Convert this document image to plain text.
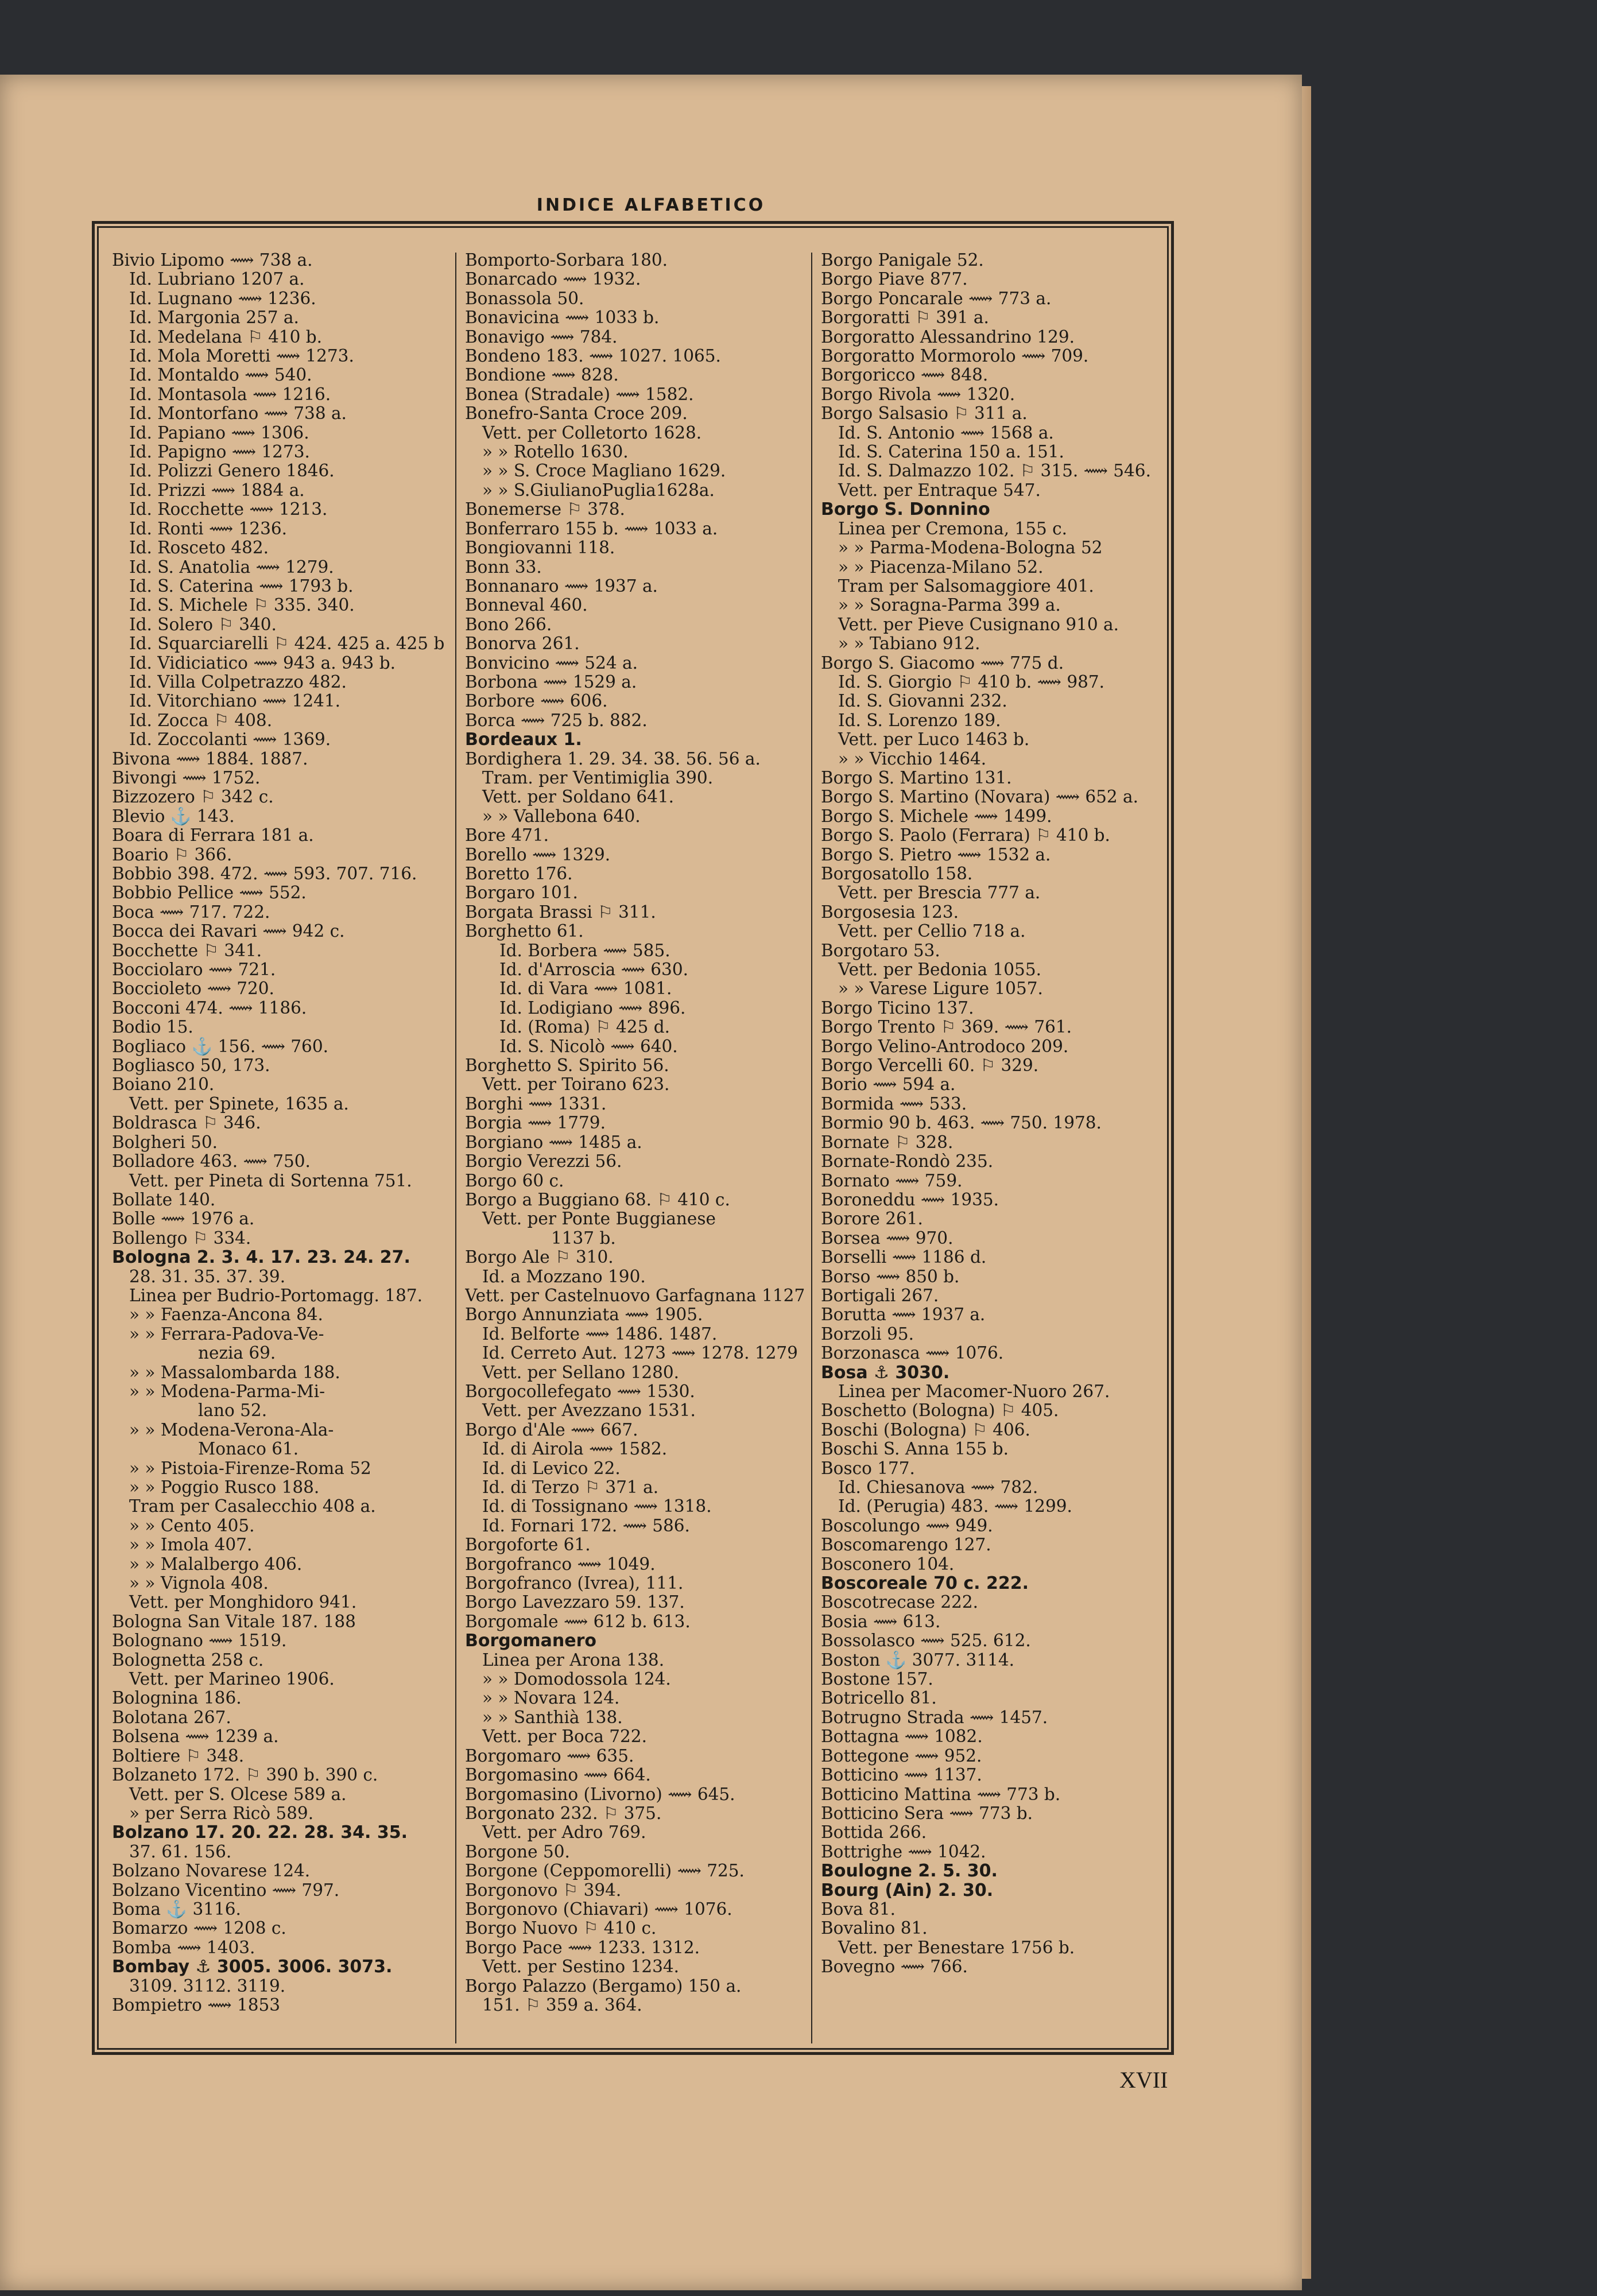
INDICE ALFABETICO
Bivio Lipomo ⟿ 738 a.
Id. Lubriano 1207 a.
Id. Lugnano ⟿ 1236.
Id. Margonia 257 a.
Id. Medelana ⚐ 410 b.
Id. Mola Moretti ⟿ 1273.
Id. Montaldo ⟿ 540.
Id. Montasola ⟿ 1216.
Id. Montorfano ⟿ 738 a.
Id. Papiano ⟿ 1306.
Id. Papigno ⟿ 1273.
Id. Polizzi Genero 1846.
Id. Prizzi ⟿ 1884 a.
Id. Rocchette ⟿ 1213.
Id. Ronti ⟿ 1236.
Id. Rosceto 482.
Id. S. Anatolia ⟿ 1279.
Id. S. Caterina ⟿ 1793 b.
Id. S. Michele ⚐ 335. 340.
Id. Solero ⚐ 340.
Id. Squarciarelli ⚐ 424. 425 a. 425 b
Id. Vidiciatico ⟿ 943 a. 943 b.
Id. Villa Colpetrazzo 482.
Id. Vitorchiano ⟿ 1241.
Id. Zocca ⚐ 408.
Id. Zoccolanti ⟿ 1369.
Bivona ⟿ 1884. 1887.
Bivongi ⟿ 1752.
Bizzozero ⚐ 342 c.
Blevio ⚓ 143.
Boara di Ferrara 181 a.
Boario ⚐ 366.
Bobbio 398. 472. ⟿ 593. 707. 716.
Bobbio Pellice ⟿ 552.
Boca ⟿ 717. 722.
Bocca dei Ravari ⟿ 942 c.
Bocchette ⚐ 341.
Bocciolaro ⟿ 721.
Boccioleto ⟿ 720.
Bocconi 474. ⟿ 1186.
Bodio 15.
Bogliaco ⚓ 156. ⟿ 760.
Bogliasco 50, 173.
Boiano 210.
Vett. per Spinete, 1635 a.
Boldrasca ⚐ 346.
Bolgheri 50.
Bolladore 463. ⟿ 750.
Vett. per Pineta di Sortenna 751.
Bollate 140.
Bolle ⟿ 1976 a.
Bollengo ⚐ 334.
Bologna 2. 3. 4. 17. 23. 24. 27.
28. 31. 35. 37. 39.
Linea per Budrio-Portomagg. 187.
» » Faenza-Ancona 84.
» » Ferrara-Padova-Ve-
nezia 69.
» » Massalombarda 188.
» » Modena-Parma-Mi-
lano 52.
» » Modena-Verona-Ala-
Monaco 61.
» » Pistoia-Firenze-Roma 52
» » Poggio Rusco 188.
Tram per Casalecchio 408 a.
» » Cento 405.
» » Imola 407.
» » Malalbergo 406.
» » Vignola 408.
Vett. per Monghidoro 941.
Bologna San Vitale 187. 188
Bolognano ⟿ 1519.
Bolognetta 258 c.
Vett. per Marineo 1906.
Bolognina 186.
Bolotana 267.
Bolsena ⟿ 1239 a.
Boltiere ⚐ 348.
Bolzaneto 172. ⚐ 390 b. 390 c.
Vett. per S. Olcese 589 a.
» per Serra Ricò 589.
Bolzano 17. 20. 22. 28. 34. 35.
37. 61. 156.
Bolzano Novarese 124.
Bolzano Vicentino ⟿ 797.
Boma ⚓ 3116.
Bomarzo ⟿ 1208 c.
Bomba ⟿ 1403.
Bombay ⚓ 3005. 3006. 3073.
3109. 3112. 3119.
Bompietro ⟿ 1853
Bomporto-Sorbara 180.
Bonarcado ⟿ 1932.
Bonassola 50.
Bonavicina ⟿ 1033 b.
Bonavigo ⟿ 784.
Bondeno 183. ⟿ 1027. 1065.
Bondione ⟿ 828.
Bonea (Stradale) ⟿ 1582.
Bonefro-Santa Croce 209.
Vett. per Colletorto 1628.
» » Rotello 1630.
» » S. Croce Magliano 1629.
» » S.GiulianoPuglia1628a.
Bonemerse ⚐ 378.
Bonferraro 155 b. ⟿ 1033 a.
Bongiovanni 118.
Bonn 33.
Bonnanaro ⟿ 1937 a.
Bonneval 460.
Bono 266.
Bonorva 261.
Bonvicino ⟿ 524 a.
Borbona ⟿ 1529 a.
Borbore ⟿ 606.
Borca ⟿ 725 b. 882.
Bordeaux 1.
Bordighera 1. 29. 34. 38. 56. 56 a.
Tram. per Ventimiglia 390.
Vett. per Soldano 641.
» » Vallebona 640.
Bore 471.
Borello ⟿ 1329.
Boretto 176.
Borgaro 101.
Borgata Brassi ⚐ 311.
Borghetto 61.
Id. Borbera ⟿ 585.
Id. d'Arroscia ⟿ 630.
Id. di Vara ⟿ 1081.
Id. Lodigiano ⟿ 896.
Id. (Roma) ⚐ 425 d.
Id. S. Nicolò ⟿ 640.
Borghetto S. Spirito 56.
Vett. per Toirano 623.
Borghi ⟿ 1331.
Borgia ⟿ 1779.
Borgiano ⟿ 1485 a.
Borgio Verezzi 56.
Borgo 60 c.
Borgo a Buggiano 68. ⚐ 410 c.
Vett. per Ponte Buggianese
1137 b.
Borgo Ale ⚐ 310.
Id. a Mozzano 190.
Vett. per Castelnuovo Garfagnana 1127
Borgo Annunziata ⟿ 1905.
Id. Belforte ⟿ 1486. 1487.
Id. Cerreto Aut. 1273 ⟿ 1278. 1279
Vett. per Sellano 1280.
Borgocollefegato ⟿ 1530.
Vett. per Avezzano 1531.
Borgo d'Ale ⟿ 667.
Id. di Airola ⟿ 1582.
Id. di Levico 22.
Id. di Terzo ⚐ 371 a.
Id. di Tossignano ⟿ 1318.
Id. Fornari 172. ⟿ 586.
Borgoforte 61.
Borgofranco ⟿ 1049.
Borgofranco (Ivrea), 111.
Borgo Lavezzaro 59. 137.
Borgomale ⟿ 612 b. 613.
Borgomanero
Linea per Arona 138.
» » Domodossola 124.
» » Novara 124.
» » Santhià 138.
Vett. per Boca 722.
Borgomaro ⟿ 635.
Borgomasino ⟿ 664.
Borgomasino (Livorno) ⟿ 645.
Borgonato 232. ⚐ 375.
Vett. per Adro 769.
Borgone 50.
Borgone (Ceppomorelli) ⟿ 725.
Borgonovo ⚐ 394.
Borgonovo (Chiavari) ⟿ 1076.
Borgo Nuovo ⚐ 410 c.
Borgo Pace ⟿ 1233. 1312.
Vett. per Sestino 1234.
Borgo Palazzo (Bergamo) 150 a.
151. ⚐ 359 a. 364.
Borgo Panigale 52.
Borgo Piave 877.
Borgo Poncarale ⟿ 773 a.
Borgoratti ⚐ 391 a.
Borgoratto Alessandrino 129.
Borgoratto Mormorolo ⟿ 709.
Borgoricco ⟿ 848.
Borgo Rivola ⟿ 1320.
Borgo Salsasio ⚐ 311 a.
Id. S. Antonio ⟿ 1568 a.
Id. S. Caterina 150 a. 151.
Id. S. Dalmazzo 102. ⚐ 315. ⟿ 546.
Vett. per Entraque 547.
Borgo S. Donnino
Linea per Cremona, 155 c.
» » Parma-Modena-Bologna 52
» » Piacenza-Milano 52.
Tram per Salsomaggiore 401.
» » Soragna-Parma 399 a.
Vett. per Pieve Cusignano 910 a.
» » Tabiano 912.
Borgo S. Giacomo ⟿ 775 d.
Id. S. Giorgio ⚐ 410 b. ⟿ 987.
Id. S. Giovanni 232.
Id. S. Lorenzo 189.
Vett. per Luco 1463 b.
» » Vicchio 1464.
Borgo S. Martino 131.
Borgo S. Martino (Novara) ⟿ 652 a.
Borgo S. Michele ⟿ 1499.
Borgo S. Paolo (Ferrara) ⚐ 410 b.
Borgo S. Pietro ⟿ 1532 a.
Borgosatollo 158.
Vett. per Brescia 777 a.
Borgosesia 123.
Vett. per Cellio 718 a.
Borgotaro 53.
Vett. per Bedonia 1055.
» » Varese Ligure 1057.
Borgo Ticino 137.
Borgo Trento ⚐ 369. ⟿ 761.
Borgo Velino-Antrodoco 209.
Borgo Vercelli 60. ⚐ 329.
Borio ⟿ 594 a.
Bormida ⟿ 533.
Bormio 90 b. 463. ⟿ 750. 1978.
Bornate ⚐ 328.
Bornate-Rondò 235.
Bornato ⟿ 759.
Boroneddu ⟿ 1935.
Borore 261.
Borsea ⟿ 970.
Borselli ⟿ 1186 d.
Borso ⟿ 850 b.
Bortigali 267.
Borutta ⟿ 1937 a.
Borzoli 95.
Borzonasca ⟿ 1076.
Bosa ⚓ 3030.
Linea per Macomer-Nuoro 267.
Boschetto (Bologna) ⚐ 405.
Boschi (Bologna) ⚐ 406.
Boschi S. Anna 155 b.
Bosco 177.
Id. Chiesanova ⟿ 782.
Id. (Perugia) 483. ⟿ 1299.
Boscolungo ⟿ 949.
Boscomarengo 127.
Bosconero 104.
Boscoreale 70 c. 222.
Boscotrecase 222.
Bosia ⟿ 613.
Bossolasco ⟿ 525. 612.
Boston ⚓ 3077. 3114.
Bostone 157.
Botricello 81.
Botrugno Strada ⟿ 1457.
Bottagna ⟿ 1082.
Bottegone ⟿ 952.
Botticino ⟿ 1137.
Botticino Mattina ⟿ 773 b.
Botticino Sera ⟿ 773 b.
Bottida 266.
Bottrighe ⟿ 1042.
Boulogne 2. 5. 30.
Bourg (Ain) 2. 30.
Bova 81.
Bovalino 81.
Vett. per Benestare 1756 b.
Bovegno ⟿ 766.
XVII
